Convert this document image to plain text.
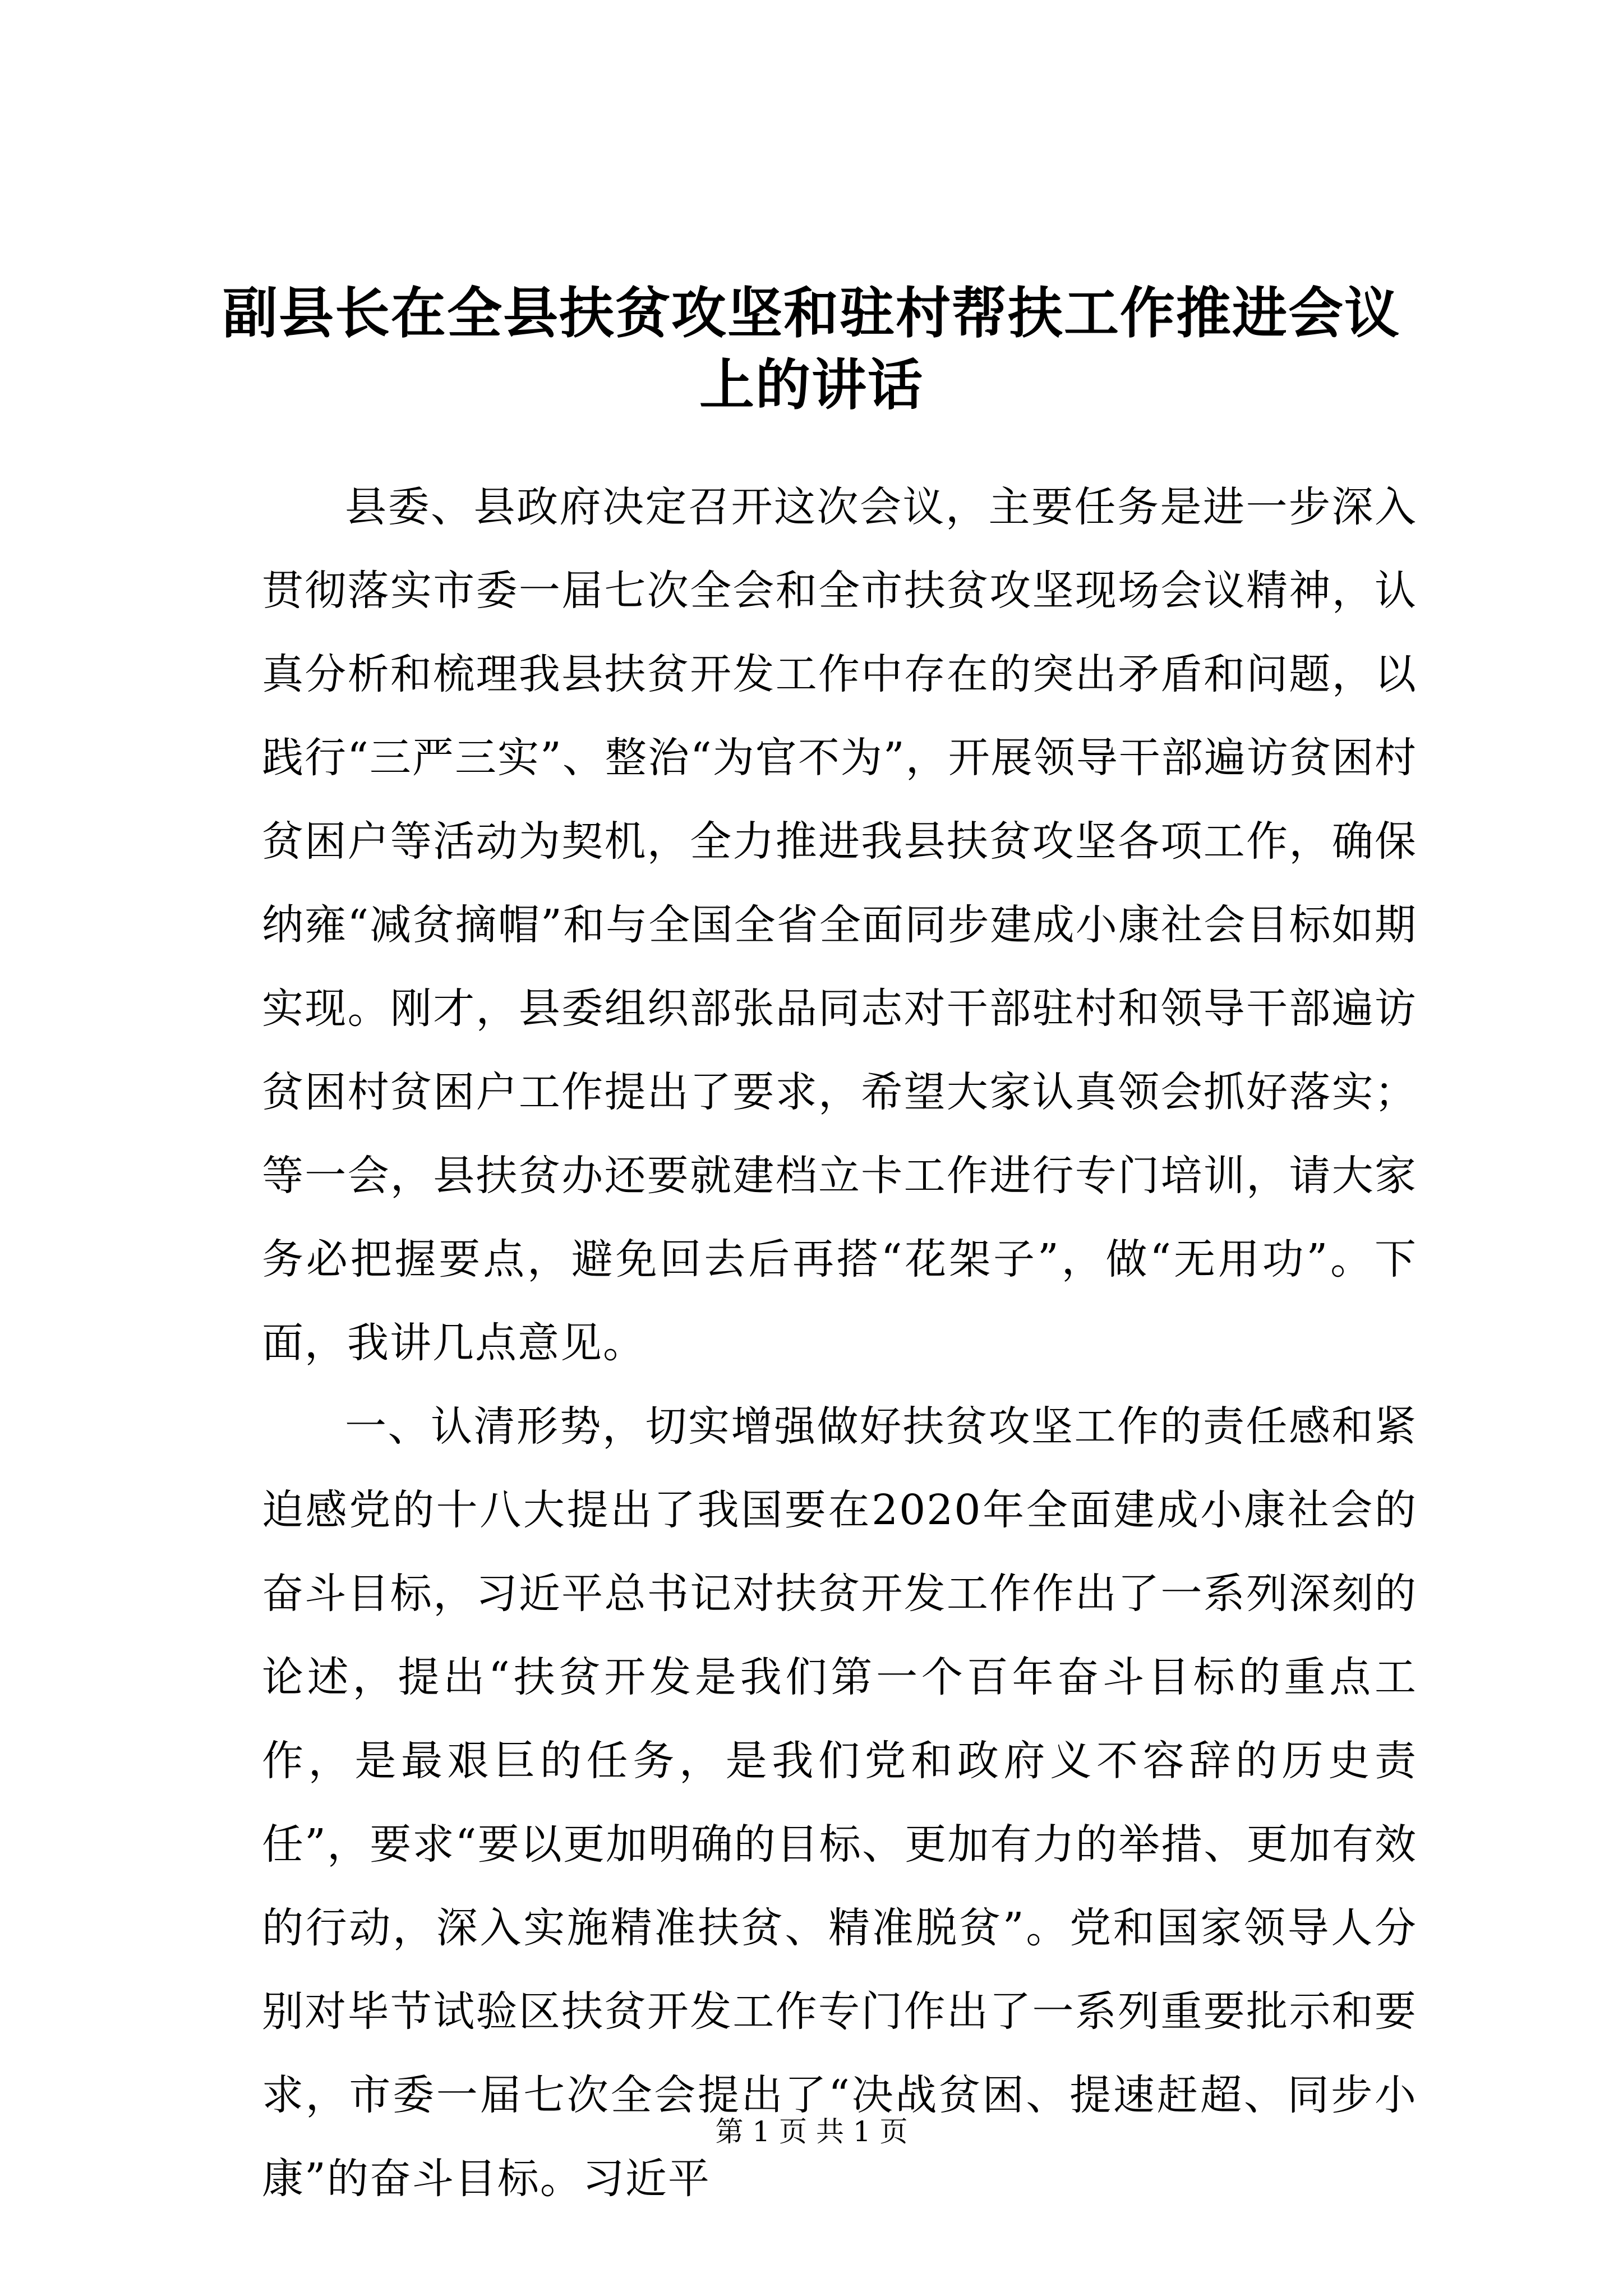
副县长在全县扶贫攻坚和驻村帮扶工作推进会议上的讲话

县委、县政府决定召开这次会议，主要任务是进一步深入贯彻落实市委一届七次全会和全市扶贫攻坚现场会议精神，认真分析和梳理我县扶贫开发工作中存在的突出矛盾和问题，以践行“三严三实”、整治“为官不为”，开展领导干部遍访贫困村贫困户等活动为契机，全力推进我县扶贫攻坚各项工作，确保纳雍“减贫摘帽”和与全国全省全面同步建成小康社会目标如期实现。刚才，县委组织部张品同志对干部驻村和领导干部遍访贫困村贫困户工作提出了要求，希望大家认真领会抓好落实；等一会，县扶贫办还要就建档立卡工作进行专门培训，请大家务必把握要点，避免回去后再搭“花架子”，做“无用功”。下面，我讲几点意见。

一、认清形势，切实增强做好扶贫攻坚工作的责任感和紧迫感党的十八大提出了我国要在2020年全面建成小康社会的奋斗目标，习近平总书记对扶贫开发工作作出了一系列深刻的论述，提出“扶贫开发是我们第一个百年奋斗目标的重点工作，是最艰巨的任务，是我们党和政府义不容辞的历史责任”，要求“要以更加明确的目标、更加有力的举措、更加有效的行动，深入实施精准扶贫、精准脱贫”。党和国家领导人分别对毕节试验区扶贫开发工作专门作出了一系列重要批示和要求，市委一届七次全会提出了“决战贫困、提速赶超、同步小康”的奋斗目标。习近平

第 1 页 共 1 页
